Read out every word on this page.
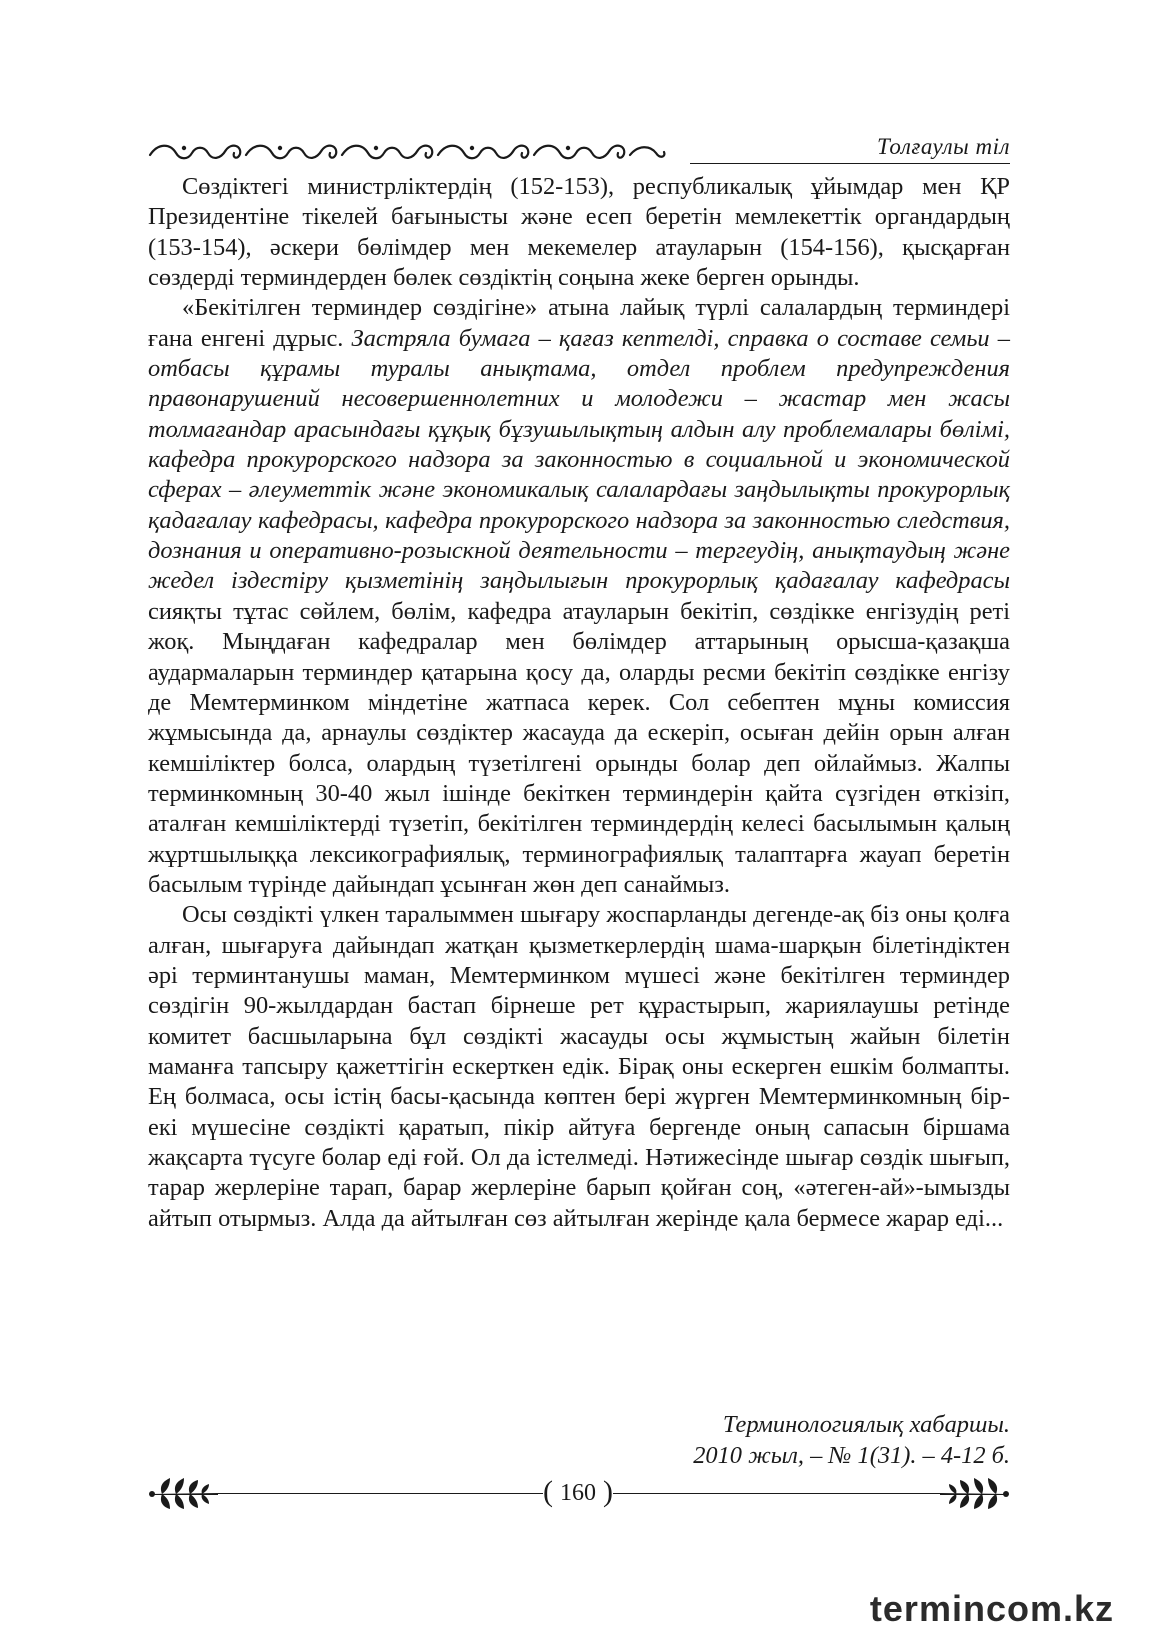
Толғаулы тіл

Сөздіктегі министрліктердің (152-153), республикалық ұйымдар мен ҚР Президентіне тікелей бағынысты және есеп беретін мемлекеттік органдардың (153-154), әскери бөлімдер мен мекемелер атауларын (154-156), қысқарған сөздерді терминдерден бөлек сөздіктің соңына жеке берген орынды.

«Бекітілген терминдер сөздігіне» атына лайық түрлі салалардың терминдері ғана енгені дұрыс. Застряла бумага – қағаз кептелді, справка о составе семьи – отбасы құрамы туралы анықтама, отдел проблем предупреждения правонарушений несовершеннолетних и молодежи – жастар мен жасы толмағандар арасындағы құқық бұзушылықтың алдын алу проблемалары бөлімі, кафедра прокурорского надзора за законностью в социальной и экономической сферах – әлеуметтік және экономикалық салалардағы заңдылықты прокурорлық қадағалау кафедрасы, кафедра прокурорского надзора за законностью следствия, дознания и оперативно-розыскной деятельности – тергеудің, анықтаудың және жедел іздестіру қызметінің заңдылығын прокурорлық қадағалау кафедрасы сияқты тұтас сөйлем, бөлім, кафедра атауларын бекітіп, сөздікке енгізудің реті жоқ. Мыңдаған кафедралар мен бөлімдер аттарының орысша-қазақша аудармаларын терминдер қатарына қосу да, оларды ресми бекітіп сөздікке енгізу де Мемтерминком міндетіне жатпаса керек. Сол себептен мұны комиссия жұмысында да, арнаулы сөздіктер жасауда да ескеріп, осыған дейін орын алған кемшіліктер болса, олардың түзетілгені орынды болар деп ойлаймыз. Жалпы терминкомның 30-40 жыл ішінде бекіткен терминдерін қайта сүзгіден өткізіп, аталған кемшіліктерді түзетіп, бекітілген терминдердің келесі басылымын қалың жұртшылыққа лексикографиялық, терминографиялық талаптарға жауап беретін басылым түрінде дайындап ұсынған жөн деп санаймыз.

Осы сөздікті үлкен таралыммен шығару жоспарланды дегенде-ақ біз оны қолға алған, шығаруға дайындап жатқан қызметкерлердің шама-шарқын білетіндіктен әрі терминтанушы маман, Мемтерминком мүшесі және бекітілген терминдер сөздігін 90-жылдардан бастап бірнеше рет құрастырып, жариялаушы ретінде комитет басшыларына бұл сөздікті жасауды осы жұмыстың жайын білетін маманға тапсыру қажеттігін ескерткен едік. Бірақ оны ескерген ешкім болмапты. Ең болмаса, осы істің басы-қасында көптен бері жүрген Мемтерминкомның бір-екі мүшесіне сөздікті қаратып, пікір айтуға бергенде оның сапасын біршама жақсарта түсуге болар еді ғой. Ол да істелмеді. Нәтижесінде шығар сөздік шығып, тарар жерлеріне тарап, барар жерлеріне барып қойған соң, «әтеген-ай»-ымызды айтып отырмыз. Алда да айтылған сөз айтылған жерінде қала бермесе жарар еді...

Терминологиялық хабаршы.
2010 жыл, – № 1(31). – 4-12 б.
( 160 )
termincom.kz
